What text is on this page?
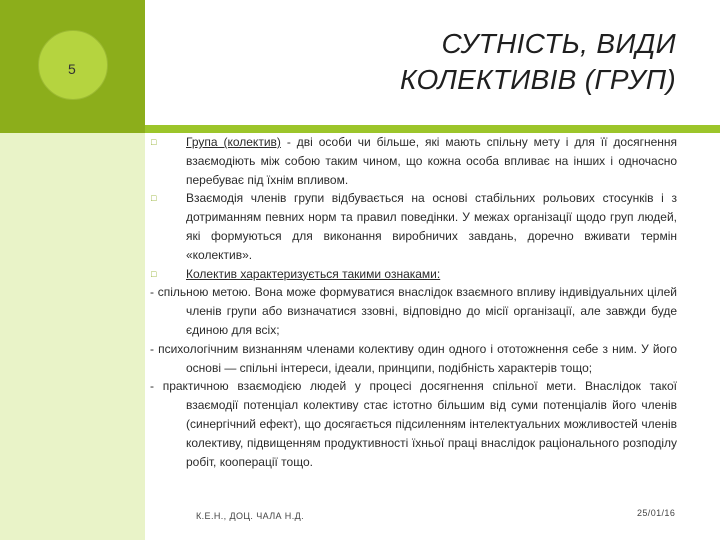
5
СУТНІСТЬ, ВИДИ
КОЛЕКТИВІВ (ГРУП)
□	Група (колектив) - дві особи чи більше, які мають спільну мету і для її досягнення взаємодіють між собою таким чином, що кожна особа впливає на інших і одночасно перебуває під їхнім впливом.
□	Взаємодія членів групи відбувається на основі стабільних рольових стосунків і з дотриманням певних норм та правил поведінки. У межах організації щодо груп людей, які формуються для виконання виробничих завдань, доречно вживати термін «колектив».
□	Колектив характеризується такими ознаками:
- спільною метою. Вона може формуватися внаслідок взаємного впливу індивідуальних цілей членів групи або визначатися ззовні, відповідно до місії організації, але завжди буде єдиною для всіх;
- психологічним визнанням членами колективу один одного і ототожнення себе з ним. У його основі — спільні інтереси, ідеали, принципи, подібність характерів тощо;
- практичною взаємодією людей у процесі досягнення спільної мети. Внаслідок такої взаємодії потенціал колективу стає істотно більшим від суми потенціалів його членів (синергічний ефект), що досягається підсиленням інтелектуальних можливостей членів колективу, підвищенням продуктивності їхньої праці внаслідок раціонального розподілу робіт, кооперації тощо.
К.Е.Н., ДОЦ. ЧАЛА Н.Д.	25/01/16
